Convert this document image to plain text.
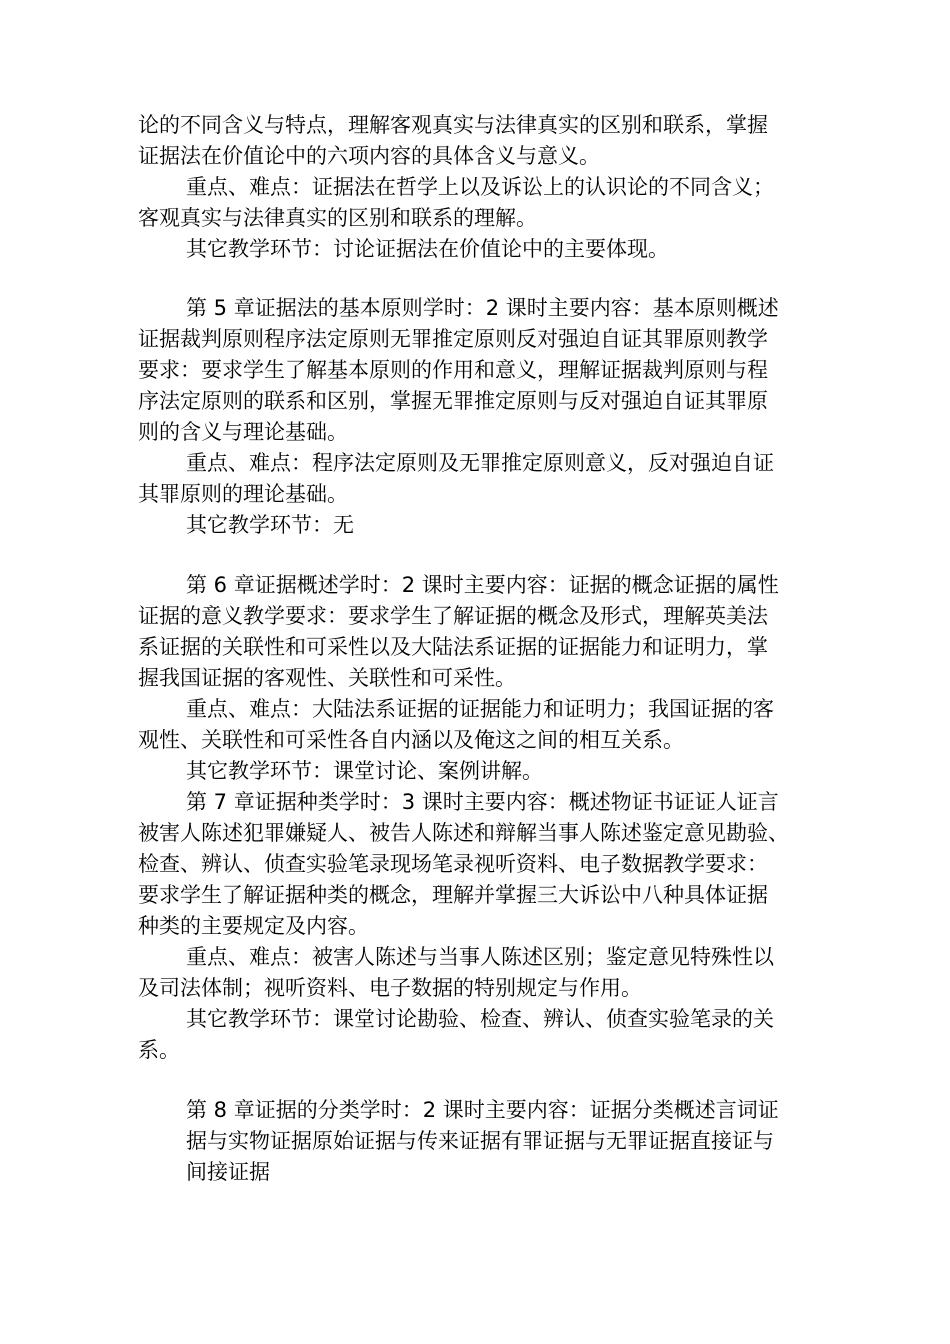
论的不同含义与特点，理解客观真实与法律真实的区别和联系，掌握

证据法在价值论中的六项内容的具体含义与意义。

重点、难点：证据法在哲学上以及诉讼上的认识论的不同含义；

客观真实与法律真实的区别和联系的理解。

其它教学环节：讨论证据法在价值论中的主要体现。

第 5 章证据法的基本原则学时：2 课时主要内容：基本原则概述

证据裁判原则程序法定原则无罪推定原则反对强迫自证其罪原则教学

要求：要求学生了解基本原则的作用和意义，理解证据裁判原则与程

序法定原则的联系和区别，掌握无罪推定原则与反对强迫自证其罪原

则的含义与理论基础。

重点、难点：程序法定原则及无罪推定原则意义，反对强迫自证

其罪原则的理论基础。

其它教学环节：无

第 6 章证据概述学时：2 课时主要内容：证据的概念证据的属性

证据的意义教学要求：要求学生了解证据的概念及形式，理解英美法

系证据的关联性和可采性以及大陆法系证据的证据能力和证明力，掌

握我国证据的客观性、关联性和可采性。

重点、难点：大陆法系证据的证据能力和证明力；我国证据的客

观性、关联性和可采性各自内涵以及俺这之间的相互关系。

其它教学环节：课堂讨论、案例讲解。

第 7 章证据种类学时：3 课时主要内容：概述物证书证证人证言

被害人陈述犯罪嫌疑人、被告人陈述和辩解当事人陈述鉴定意见勘验、

检查、辨认、侦查实验笔录现场笔录视听资料、电子数据教学要求：

要求学生了解证据种类的概念，理解并掌握三大诉讼中八种具体证据

种类的主要规定及内容。

重点、难点：被害人陈述与当事人陈述区别；鉴定意见特殊性以

及司法体制；视听资料、电子数据的特别规定与作用。

其它教学环节：课堂讨论勘验、检查、辨认、侦查实验笔录的关

系。

第 8 章证据的分类学时：2 课时主要内容：证据分类概述言词证

据与实物证据原始证据与传来证据有罪证据与无罪证据直接证与

间接证据
